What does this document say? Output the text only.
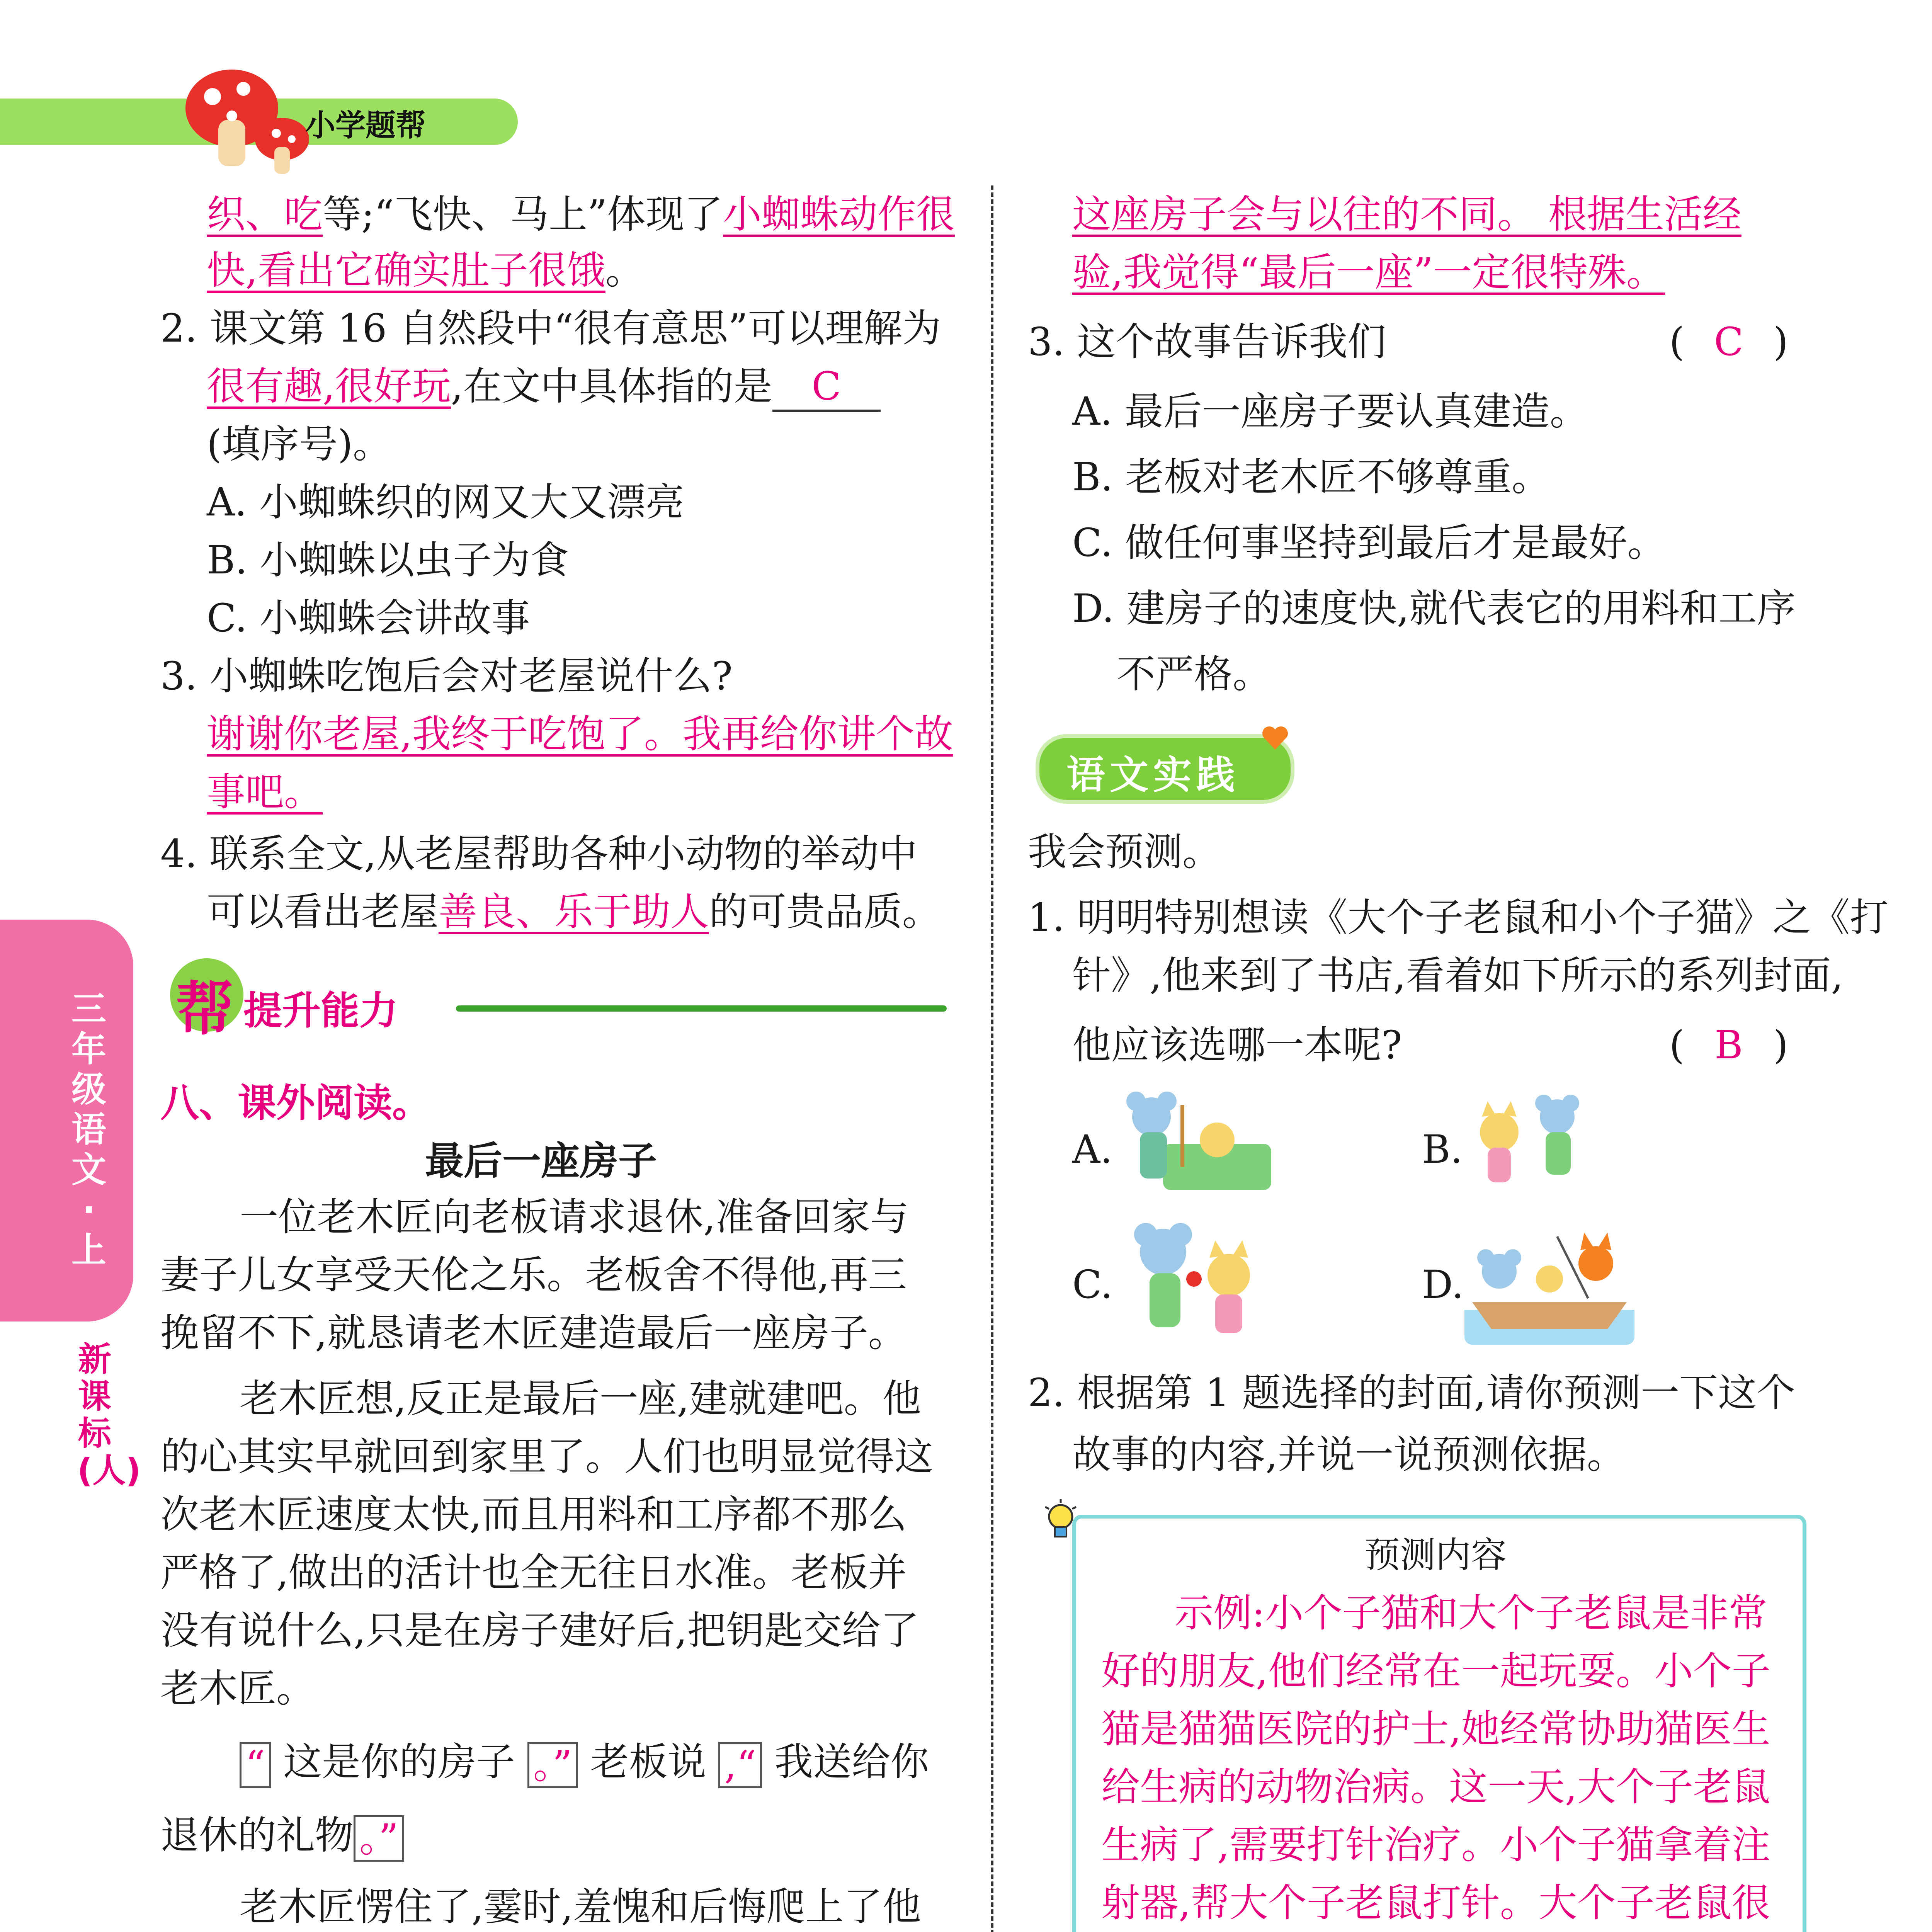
小学题帮
三年级语文·上
新课标(人)
织、吃等;“飞快、马上”体现了小蜘蛛动作很
快,看出它确实肚子很饿。
2. 课文第 16 自然段中“很有意思”可以理解为
很有趣,很好玩,在文中具体指的是 C
(填序号)。
A. 小蜘蛛织的网又大又漂亮
B. 小蜘蛛以虫子为食
C. 小蜘蛛会讲故事
3. 小蜘蛛吃饱后会对老屋说什么?
谢谢你老屋,我终于吃饱了。我再给你讲个故
事吧。
4. 联系全文,从老屋帮助各种小动物的举动中
可以看出老屋善良、乐于助人的可贵品质。
帮 提升能力
八、课外阅读。
最后一座房子
一位老木匠向老板请求退休,准备回家与
妻子儿女享受天伦之乐。老板舍不得他,再三
挽留不下,就恳请老木匠建造最后一座房子。
老木匠想,反正是最后一座,建就建吧。他
的心其实早就回到家里了。人们也明显觉得这
次老木匠速度太快,而且用料和工序都不那么
严格了,做出的活计也全无往日水准。老板并
没有说什么,只是在房子建好后,把钥匙交给了
老木匠。
“ 这是你的房子 。” 老板说 ,“ 我送给你
退休的礼物 。”
老木匠愣住了,霎时,羞愧和后悔爬上了他
这座房子会与以往的不同。 根据生活经
验,我觉得“最后一座”一定很特殊。
3. 这个故事告诉我们	( C )
A. 最后一座房子要认真建造。
B. 老板对老木匠不够尊重。
C. 做任何事坚持到最后才是最好。
D. 建房子的速度快,就代表它的用料和工序
不严格。
语文实践
我会预测。
1. 明明特别想读《大个子老鼠和小个子猫》之《打
针》,他来到了书店,看着如下所示的系列封面,
他应该选哪一本呢?	( B )
A.	B.
C.	D.
2. 根据第 1 题选择的封面,请你预测一下这个
故事的内容,并说一说预测依据。
预测内容
示例:小个子猫和大个子老鼠是非常
好的朋友,他们经常在一起玩耍。小个子
猫是猫猫医院的护士,她经常协助猫医生
给生病的动物治病。这一天,大个子老鼠
生病了,需要打针治疗。小个子猫拿着注
射器,帮大个子老鼠打针。大个子老鼠很
